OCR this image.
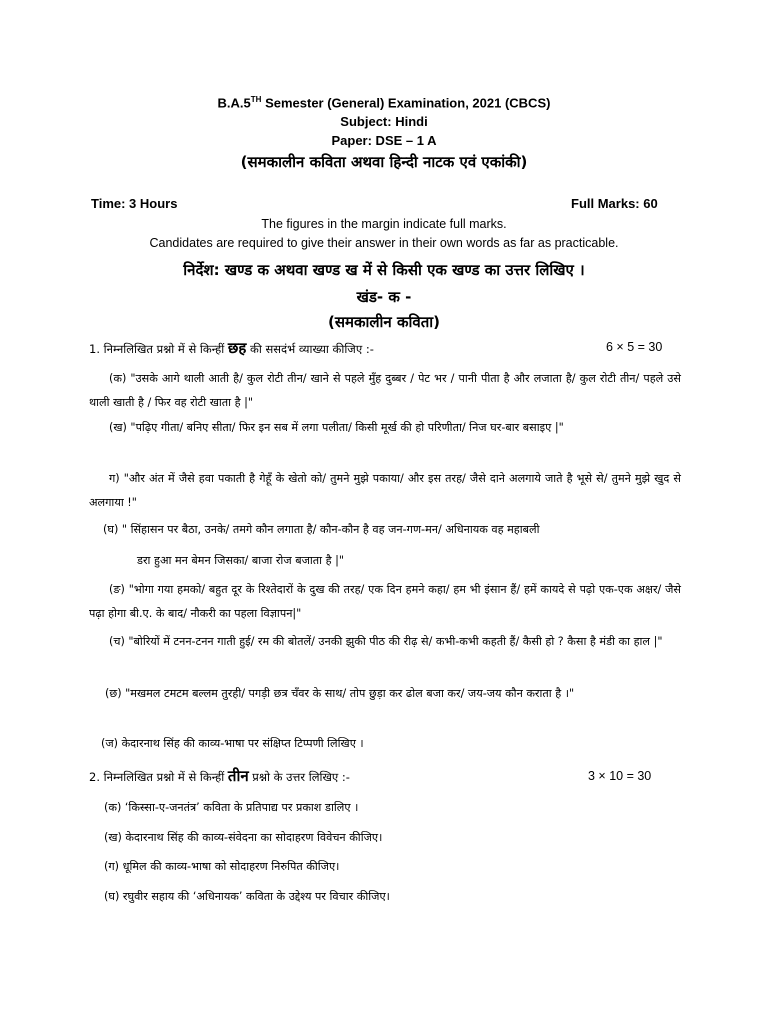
B.A.5TH Semester (General) Examination, 2021 (CBCS)
Subject: Hindi
Paper: DSE – 1 A
(समकालीन कविता अथवा हिन्दी नाटक एवं एकांकी)
Time: 3 Hours	Full Marks: 60
The figures in the margin indicate full marks.
Candidates are required to give their answer in their own words as far as practicable.
निर्देश: खण्ड क अथवा खण्ड ख में से किसी एक खण्ड का उत्तर लिखिए ।
खंड- क -
(समकालीन कविता)
1. निम्नलिखित प्रश्नो में से किन्हीं छह की ससदंर्भ व्याख्या कीजिए :-	6 × 5 = 30
(क) "उसके आगे थाली आती है/ कुल रोटी तीन/ खाने से पहले मुँह दुब्बर / पेट भर / पानी पीता है और लजाता है/ कुल रोटी तीन/ पहले उसे थाली खाती है / फिर वह रोटी खाता है |"
(ख) "पढ़िए गीता/ बनिए सीता/ फिर इन सब में लगा पलीता/ किसी मूर्ख की हो परिणीता/ निज घर-बार बसाइए |"
ग) "और अंत में जैसे हवा पकाती है गेहूँ के खेतो को/ तुमने मुझे पकाया/ और इस तरह/ जैसे दाने अलगाये जाते है भूसे से/ तुमने मुझे खुद से अलगाया !"
(घ) " सिंहासन पर बैठा, उनके/ तमगे कौन लगाता है/ कौन-कौन है वह जन-गण-मन/ अधिनायक वह महाबली
डरा हुआ मन बेमन जिसका/ बाजा रोज बजाता है |"
(ङ) "भोगा गया हमको/ बहुत दूर के रिश्तेदारों के दुख की तरह/ एक दिन हमने कहा/ हम भी इंसान हैं/ हमें कायदे से पढ़ो एक-एक अक्षर/ जैसे पढ़ा होगा बी.ए. के बाद/ नौकरी का पहला विज्ञापन|"
(च) "बोरियों में टनन-टनन गाती हुई/ रम की बोतलें/ उनकी झुकी पीठ की रीढ़ से/ कभी-कभी कहती हैं/ कैसी हो ? कैसा है मंडी का हाल |"
(छ) "मखमल टमटम बल्लम तुरही/ पगड़ी छत्र चँवर के साथ/ तोप छुड़ा कर ढोल बजा कर/ जय-जय कौन कराता है ।"
(ज) केदारनाथ सिंह की काव्य-भाषा पर संक्षिप्त टिप्पणी लिखिए ।
2. निम्नलिखित प्रश्नो में से किन्हीं तीन प्रश्नो के उत्तर लिखिए :-	3 × 10 = 30
(क) ‘किस्सा-ए-जनतंत्र’ कविता के प्रतिपाद्य पर प्रकाश डालिए ।
(ख) केदारनाथ सिंह की काव्य-संवेदना का सोदाहरण विवेचन कीजिए।
(ग) धूमिल की काव्य-भाषा को सोदाहरण निरुपित कीजिए।
(घ) रघुवीर सहाय की ‘अधिनायक’ कविता के उद्देश्य पर विचार कीजिए।
